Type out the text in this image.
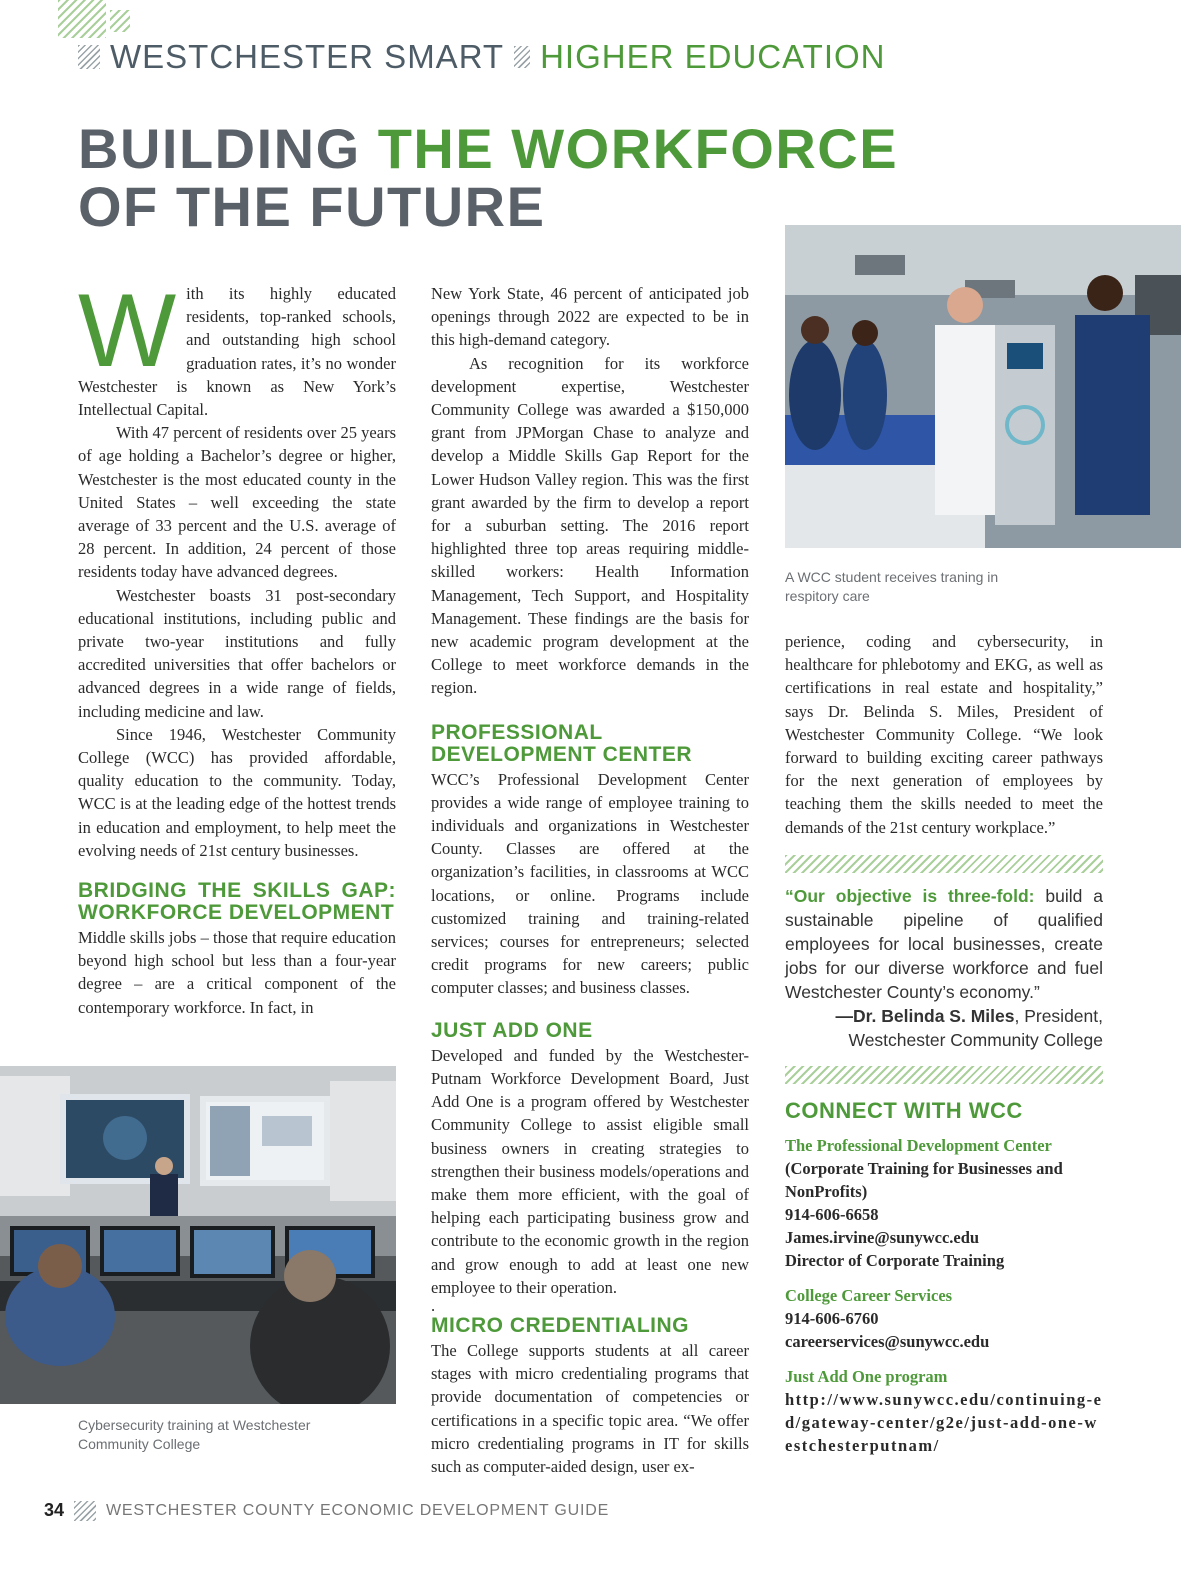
WESTCHESTER SMART HIGHER EDUCATION
BUILDING THE WORKFORCE
OF THE FUTURE

With its highly educated residents, top-ranked schools, and outstanding high school graduation rates, it’s no wonder Westchester is known as New York’s Intellectual Capital.

With 47 percent of residents over 25 years of age holding a Bachelor’s degree or higher, Westchester is the most educated county in the United States – well exceeding the state average of 33 percent and the U.S. average of 28 percent. In addition, 24 percent of those residents today have advanced degrees.

Westchester boasts 31 post-secondary educational institutions, including public and private two-year institutions and fully accredited universities that offer bachelors or advanced degrees in a wide range of fields, including medicine and law.

Since 1946, Westchester Community College (WCC) has provided affordable, quality education to the community. Today, WCC is at the leading edge of the hottest trends in education and employment, to help meet the evolving needs of 21st century businesses.

BRIDGING THE SKILLS GAP: WORKFORCE DEVELOPMENT

Middle skills jobs – those that require education beyond high school but less than a four-year degree – are a critical component of the contemporary workforce. In fact, in

Cybersecurity training at Westchester Community College

New York State, 46 percent of anticipated job openings through 2022 are expected to be in this high-demand category.

As recognition for its workforce development expertise, Westchester Community College was awarded a $150,000 grant from JPMorgan Chase to analyze and develop a Middle Skills Gap Report for the Lower Hudson Valley region. This was the first grant awarded by the firm to develop a report for a suburban setting. The 2016 report highlighted three top areas requiring middle-skilled workers: Health Information Management, Tech Support, and Hospitality Management. These findings are the basis for new academic program development at the College to meet workforce demands in the region.

PROFESSIONAL DEVELOPMENT CENTER

WCC’s Professional Development Center provides a wide range of employee training to individuals and organizations in Westchester County. Classes are offered at the organization’s facilities, in classrooms at WCC locations, or online. Programs include customized training and training-related services; courses for entrepreneurs; selected credit programs for new careers; public computer classes; and business classes.

JUST ADD ONE

Developed and funded by the Westchester-Putnam Workforce Development Board, Just Add One is a program offered by Westchester Community College to assist eligible small business owners in creating strategies to strengthen their business models/operations and make them more efficient, with the goal of helping each participating business grow and contribute to the economic growth in the region and grow enough to add at least one new employee to their operation.

.
MICRO CREDENTIALING

The College supports students at all career stages with micro credentialing programs that provide documentation of competencies or certifications in a specific topic area. “We offer micro credentialing programs in IT for skills such as computer-aided design, user ex-

A WCC student receives traning in respitory care

perience, coding and cybersecurity, in healthcare for phlebotomy and EKG, as well as certifications in real estate and hospitality,” says Dr. Belinda S. Miles, President of Westchester Community College. “We look forward to building exciting career pathways for the next generation of employees by teaching them the skills needed to meet the demands of the 21st century workplace.”

“Our objective is three-fold: build a sustainable pipeline of qualified employees for local businesses, create jobs for our diverse workforce and fuel Westchester County’s economy.”
—Dr. Belinda S. Miles, President,
Westchester Community College
CONNECT WITH WCC
The Professional Development Center
(Corporate Training for Businesses and NonProfits)
914-606-6658
James.irvine@sunywcc.edu
Director of Corporate Training
College Career Services
914-606-6760
careerservices@sunywcc.edu
Just Add One program
http://www.sunywcc.edu/continuing-ed/gateway-center/g2e/just-add-one-westchesterputnam/
34	WESTCHESTER COUNTY ECONOMIC DEVELOPMENT GUIDE
